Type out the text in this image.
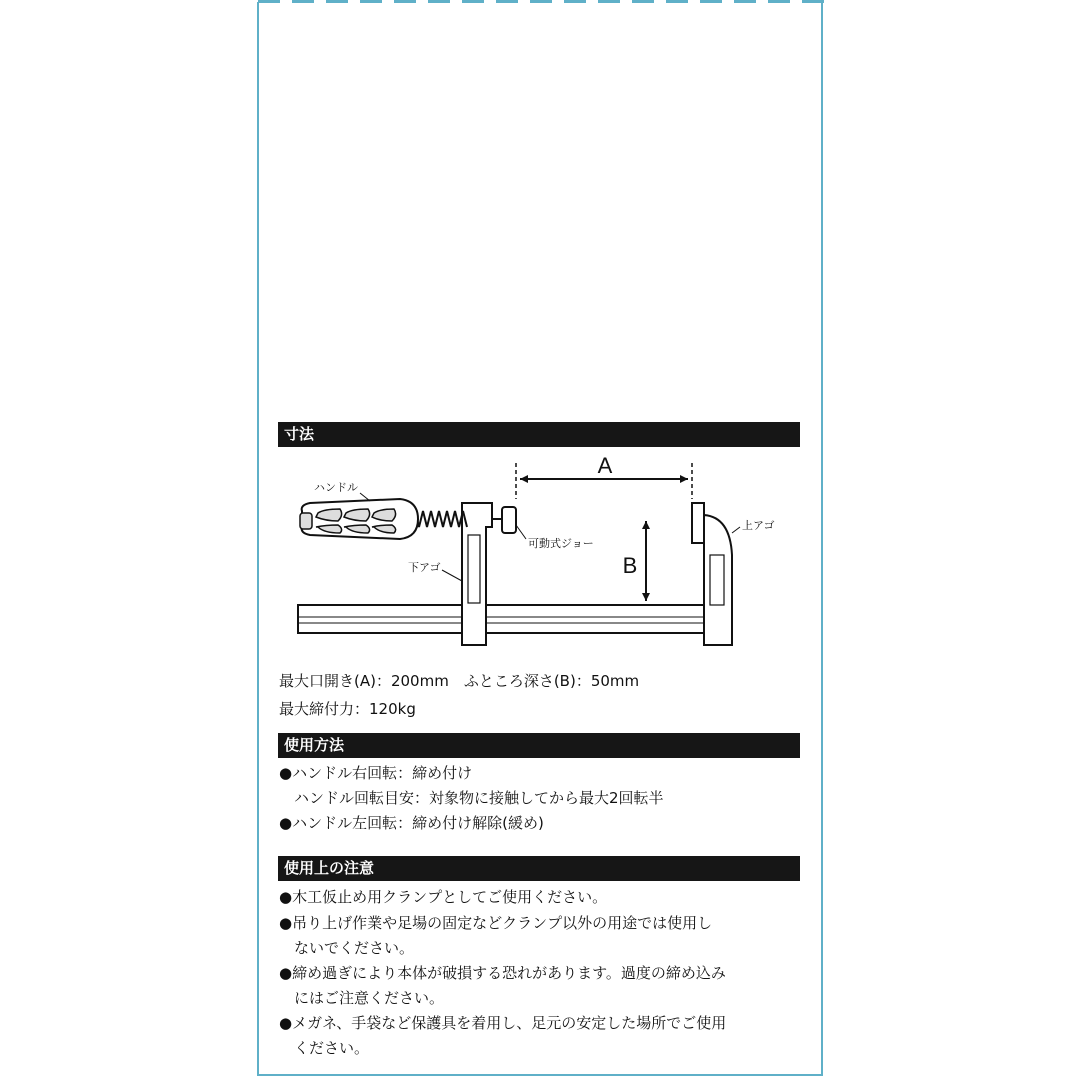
寸法
A
B
ハンドル
可動式ジョー
上アゴ
下アゴ
最大口開き(A)：200mm　ふところ深さ(B)：50mm
最大締付力：120kg
使用方法
●ハンドル右回転：締め付け
　ハンドル回転目安：対象物に接触してから最大2回転半
●ハンドル左回転：締め付け解除(緩め)
使用上の注意
●木工仮止め用クランプとしてご使用ください。
●吊り上げ作業や足場の固定などクランプ以外の用途では使用し
　ないでください。
●締め過ぎにより本体が破損する恐れがあります。過度の締め込み
　にはご注意ください。
●メガネ、手袋など保護具を着用し、足元の安定した場所でご使用
　ください。
